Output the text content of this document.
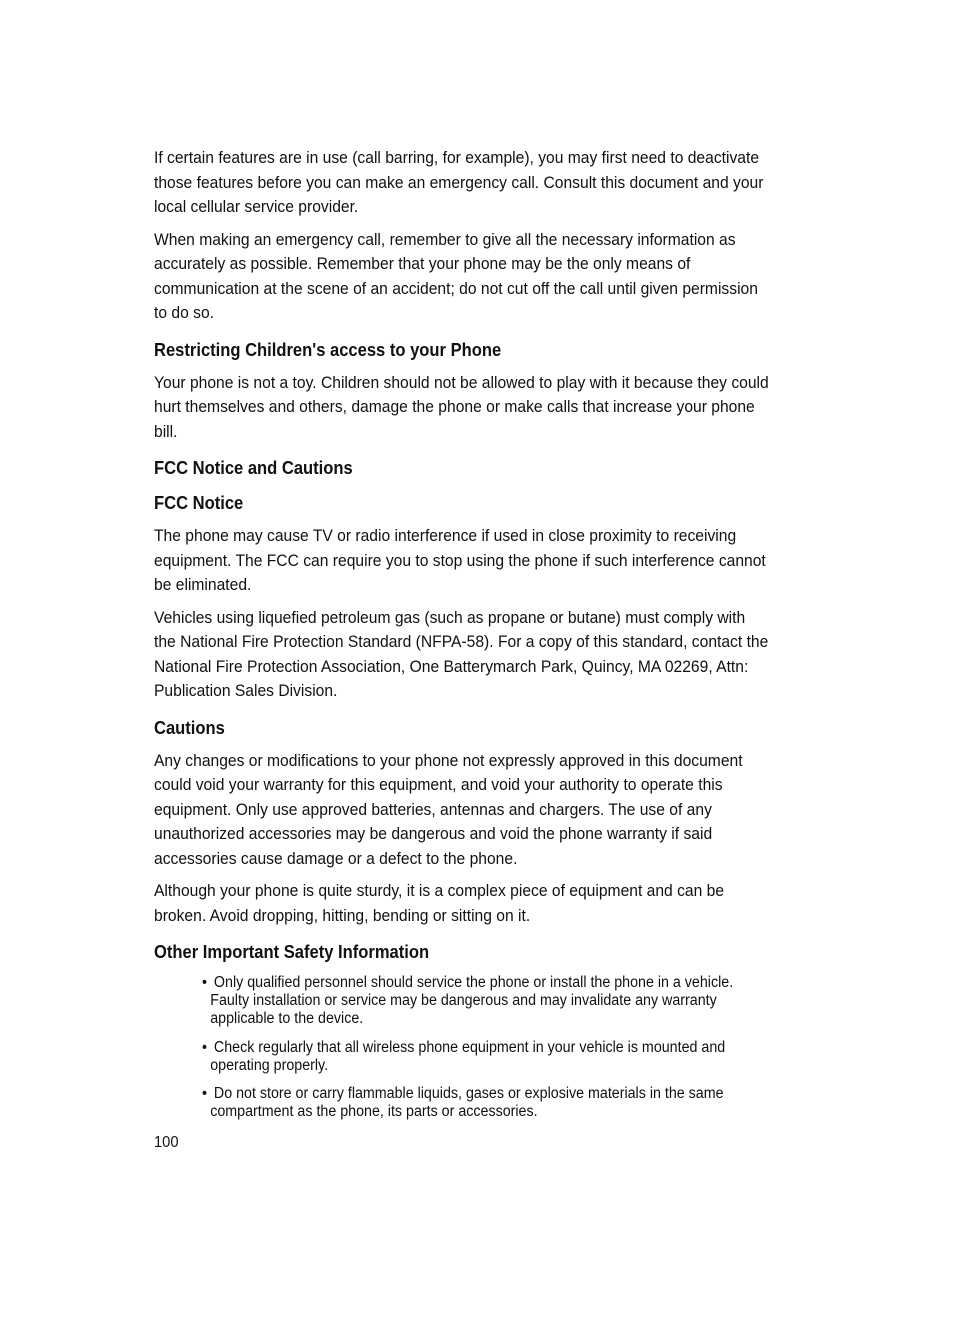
If certain features are in use (call barring, for example), you may first need to deactivate those features before you can make an emergency call. Consult this document and your local cellular service provider.

When making an emergency call, remember to give all the necessary information as accurately as possible. Remember that your phone may be the only means of communication at the scene of an accident; do not cut off the call until given permission to do so.

Restricting Children's access to your Phone

Your phone is not a toy. Children should not be allowed to play with it because they could hurt themselves and others, damage the phone or make calls that increase your phone bill.

FCC Notice and Cautions
FCC Notice

The phone may cause TV or radio interference if used in close proximity to receiving equipment. The FCC can require you to stop using the phone if such interference cannot be eliminated.

Vehicles using liquefied petroleum gas (such as propane or butane) must comply with the National Fire Protection Standard (NFPA-58). For a copy of this standard, contact the National Fire Protection Association, One Batterymarch Park, Quincy, MA 02269, Attn: Publication Sales Division.

Cautions

Any changes or modifications to your phone not expressly approved in this document could void your warranty for this equipment, and void your authority to operate this equipment. Only use approved batteries, antennas and chargers. The use of any unauthorized accessories may be dangerous and void the phone warranty if said accessories cause damage or a defect to the phone.

Although your phone is quite sturdy, it is a complex piece of equipment and can be broken. Avoid dropping, hitting, bending or sitting on it.

Other Important Safety Information
• Only qualified personnel should service the phone or install the phone in a vehicle. Faulty installation or service may be dangerous and may invalidate any warranty applicable to the device.
• Check regularly that all wireless phone equipment in your vehicle is mounted and operating properly.
• Do not store or carry flammable liquids, gases or explosive materials in the same compartment as the phone, its parts or accessories.
100
